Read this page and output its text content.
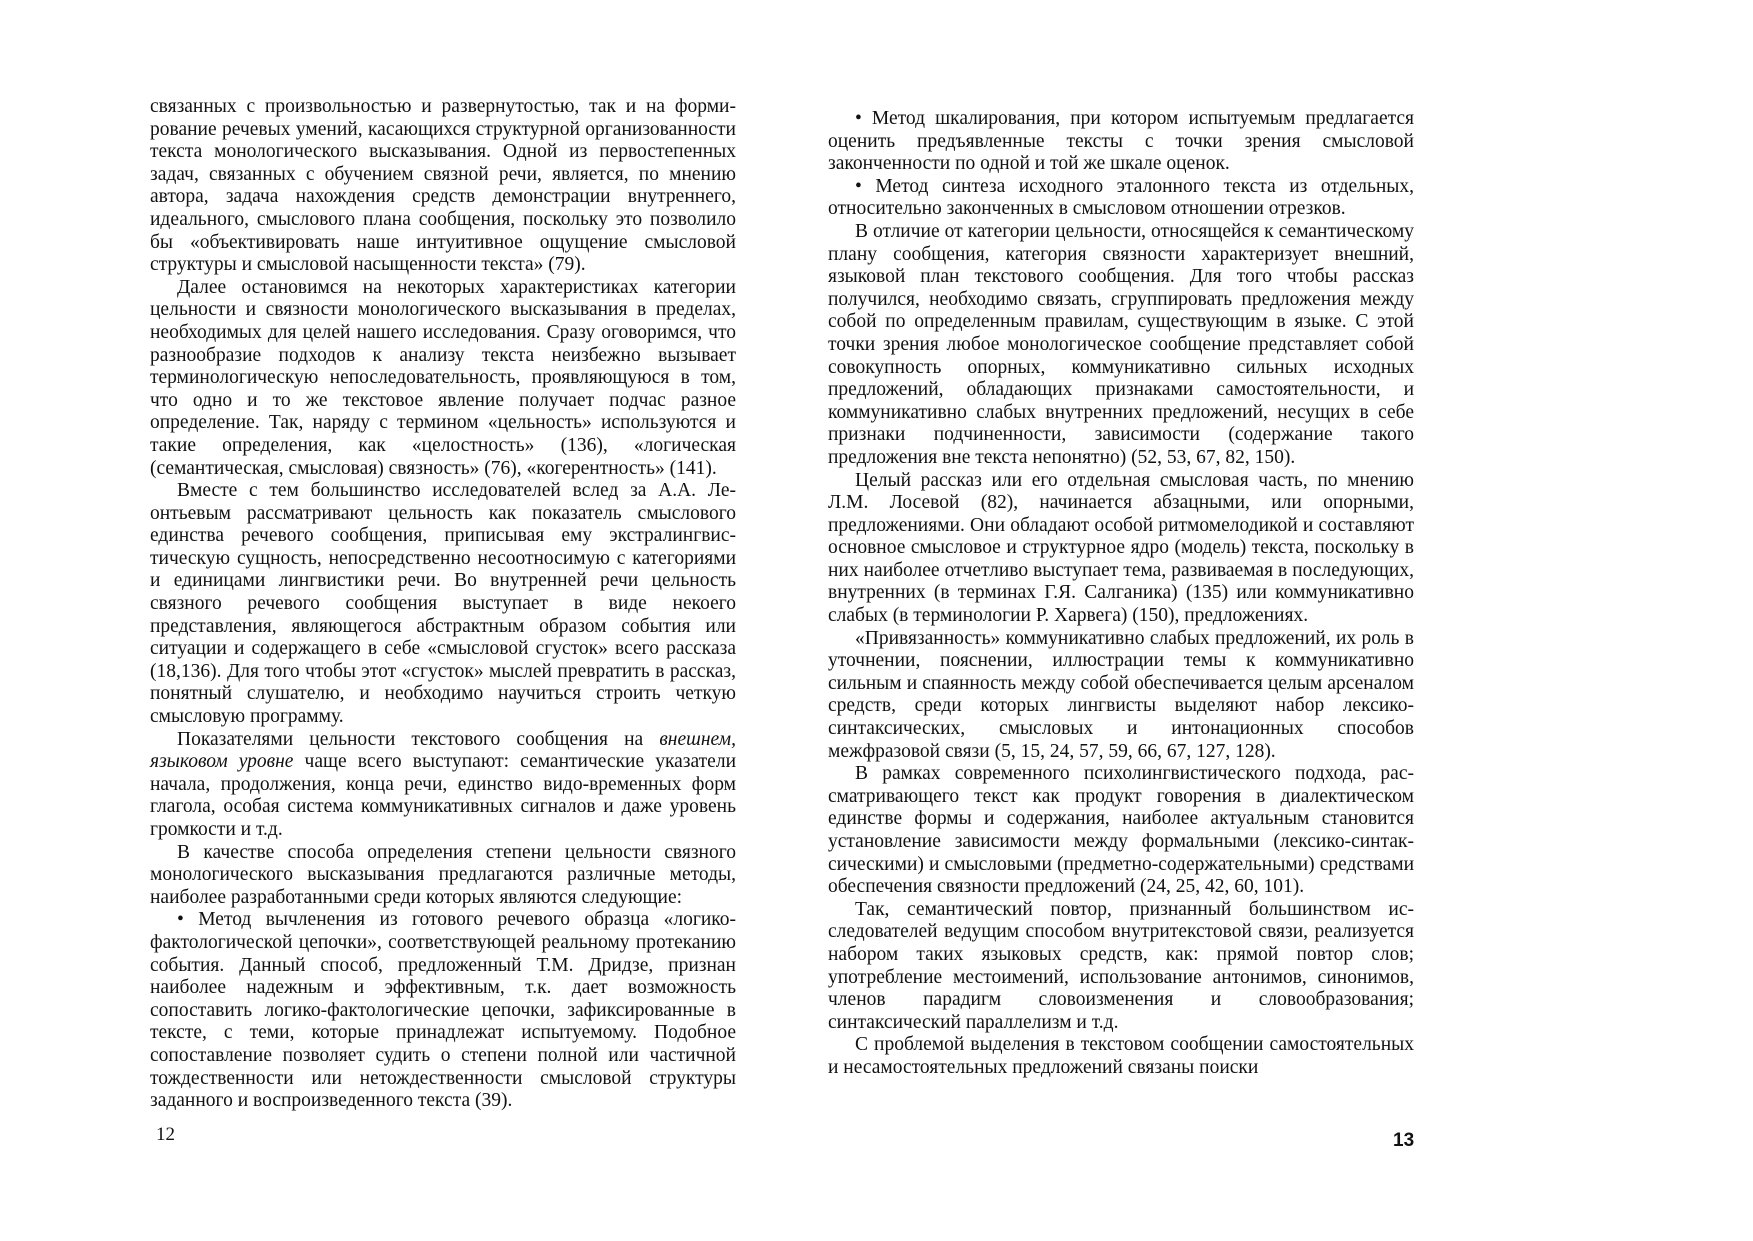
связанных с произвольностью и развернутостью, так и на формирование речевых умений, касающихся структурной организованности текста монологического высказывания. Одной из первостепенных задач, связанных с обучением связной речи, является, по мнению автора, задача нахождения средств демонстрации внутреннего, идеального, смыслового плана сообщения, поскольку это позволило бы «объективировать наше интуитивное ощущение смысловой структуры и смысловой насыщенности текста» (79).

Далее остановимся на некоторых характеристиках категории цельности и связности монологического высказывания в пределах, необходимых для целей нашего исследования. Сразу оговоримся, что разнообразие подходов к анализу текста неизбежно вызывает терминологическую непоследовательность, проявляющуюся в том, что одно и то же текстовое явление получает подчас разное определение. Так, наряду с термином «цельность» используются и такие определения, как «целостность» (136), «логическая (семантическая, смысловая) связность» (76), «когерентность» (141).

Вместе с тем большинство исследователей вслед за А.А. Леонтьевым рассматривают цельность как показатель смыслового единства речевого сообщения, приписывая ему экстралингвистическую сущность, непосредственно несоотносимую с категориями и единицами лингвистики речи. Во внутренней речи цельность связного речевого сообщения выступает в виде некоего представления, являющегося абстрактным образом события или ситуации и содержащего в себе «смысловой сгусток» всего рассказа (18,136). Для того чтобы этот «сгусток» мыслей превратить в рассказ, понятный слушателю, и необходимо научиться строить четкую смысловую программу.

Показателями цельности текстового сообщения на внешнем, языковом уровне чаще всего выступают: семантические указатели начала, продолжения, конца речи, единство видо-временных форм глагола, особая система коммуникативных сигналов и даже уровень громкости и т.д.

В качестве способа определения степени цельности связного монологического высказывания предлагаются различные методы, наиболее разработанными среди которых являются следующие:

• Метод вычленения из готового речевого образца «логико-фактологической цепочки», соответствующей реальному протеканию события. Данный способ, предложенный Т.М. Дридзе, признан наиболее надежным и эффективным, т.к. дает возможность сопоставить логико-фактологические цепочки, зафиксированные в тексте, с теми, которые принадлежат испытуемому. Подобное сопоставление позволяет судить о степени полной или частичной тождественности или нетождественности смысловой структуры заданного и воспроизведенного текста (39).

12

• Метод шкалирования, при котором испытуемым предлагается оценить предъявленные тексты с точки зрения смысловой законченности по одной и той же шкале оценок.

• Метод синтеза исходного эталонного текста из отдельных, относительно законченных в смысловом отношении отрезков.

В отличие от категории цельности, относящейся к семантическому плану сообщения, категория связности характеризует внешний, языковой план текстового сообщения. Для того чтобы рассказ получился, необходимо связать, сгруппировать предложения между собой по определенным правилам, существующим в языке. С этой точки зрения любое монологическое сообщение представляет собой совокупность опорных, коммуникативно сильных исходных предложений, обладающих признаками самостоятельности, и коммуникативно слабых внутренних предложений, несущих в себе признаки подчиненности, зависимости (содержание такого предложения вне текста непонятно) (52, 53, 67, 82, 150).

Целый рассказ или его отдельная смысловая часть, по мнению Л.М. Лосевой (82), начинается абзацными, или опорными, предложениями. Они обладают особой ритмомелодикой и составляют основное смысловое и структурное ядро (модель) текста, поскольку в них наиболее отчетливо выступает тема, развиваемая в последующих, внутренних (в терминах Г.Я. Салганика) (135) или коммуникативно слабых (в терминологии Р. Харвега) (150), предложениях.

«Привязанность» коммуникативно слабых предложений, их роль в уточнении, пояснении, иллюстрации темы к коммуникативно сильным и спаянность между собой обеспечивается целым арсеналом средств, среди которых лингвисты выделяют набор лексико-синтаксических, смысловых и интонационных способов межфразовой связи (5, 15, 24, 57, 59, 66, 67, 127, 128).

В рамках современного психолингвистического подхода, рассматривающего текст как продукт говорения в диалектическом единстве формы и содержания, наиболее актуальным становится установление зависимости между формальными (лексико-синтаксическими) и смысловыми (предметно-содержательными) средствами обеспечения связности предложений (24, 25, 42, 60, 101).

Так, семантический повтор, признанный большинством исследователей ведущим способом внутритекстовой связи, реализуется набором таких языковых средств, как: прямой повтор слов; употребление местоимений, использование антонимов, синонимов, членов парадигм словоизменения и словообразования; синтаксический параллелизм и т.д.

С проблемой выделения в текстовом сообщении самостоятельных и несамостоятельных предложений связаны поиски

13
